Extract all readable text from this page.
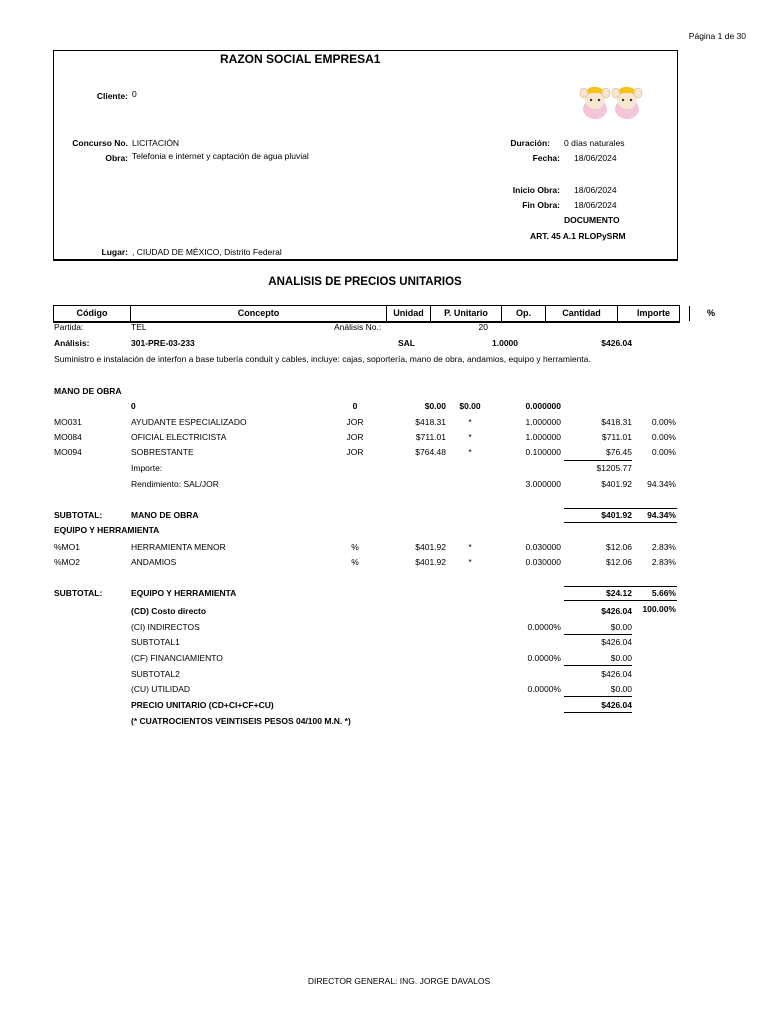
Página 1 de 30
RAZON SOCIAL EMPRESA1
Cliente: 0
Concurso No. LICITACIÓN
Obra: Telefonia e internet y captación de agua pluvial
Duración: 0 días naturales
Fecha: 18/06/2024
Inicio Obra: 18/06/2024
Fin Obra: 18/06/2024
DOCUMENTO
ART. 45 A.1 RLOPySRM
Lugar: , CIUDAD DE MÉXICO, Distrito Federal
ANALISIS DE PRECIOS UNITARIOS
Código	Concepto	Unidad	P. Unitario	Op.	Cantidad	Importe	%
Partida:	TEL	Análisis No.:	20
Análisis:	301-PRE-03-233	SAL	1.0000	$426.04
Suministro e instalación de interfon a base tubería conduit y cables, incluye: cajas, soportería, mano de obra, andamios, equipo y herramienta.
MANO DE OBRA
0	0	$0.00	$0.00	0.000000
MO031	AYUDANTE ESPECIALIZADO	JOR	$418.31	*	1.000000	$418.31	0.00%
MO084	OFICIAL ELECTRICISTA	JOR	$711.01	*	1.000000	$711.01	0.00%
MO094	SOBRESTANTE	JOR	$764.48	*	0.100000	$76.45	0.00%
Importe:	$1205.77
Rendimiento: SAL/JOR	3.000000	$401.92	94.34%
SUBTOTAL:	MANO DE OBRA	$401.92	94.34%
EQUIPO Y HERRAMIENTA
%MO1	HERRAMIENTA MENOR	%	$401.92	*	0.030000	$12.06	2.83%
%MO2	ANDAMIOS	%	$401.92	*	0.030000	$12.06	2.83%
SUBTOTAL:	EQUIPO Y HERRAMIENTA	$24.12	5.66%
(CD) Costo directo	$426.04	100.00%
(CI) INDIRECTOS	0.0000%	$0.00
SUBTOTAL1	$426.04
(CF) FINANCIAMIENTO	0.0000%	$0.00
SUBTOTAL2	$426.04
(CU) UTILIDAD	0.0000%	$0.00
PRECIO UNITARIO (CD+CI+CF+CU)	$426.04
(* CUATROCIENTOS VEINTISEIS PESOS 04/100 M.N. *)
DIRECTOR GENERAL: ING. JORGE DAVALOS
